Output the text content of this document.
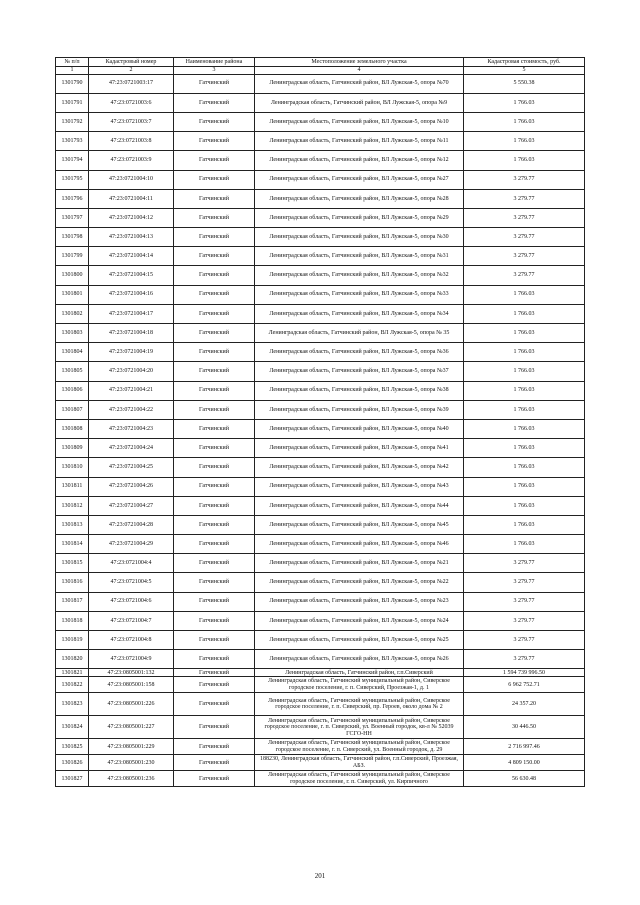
№ п/п	Кадастровый номер	Наименование района	Местоположение земельного участка	Кадастровая стоимость, руб.
1	2	3	4	5
1301790	47:23:0721003:17	Гатчинский	Ленинградская область, Гатчинский район, ВЛ Лужская-5, опора №70	5 550.38
1301791	47:23:0721003:6	Гатчинский	Ленинградская область, Гатчинский район, ВЛ Лужская-5, опора №9	1 766.03
1301792	47:23:0721003:7	Гатчинский	Ленинградская область, Гатчинский район, ВЛ Лужская-5, опора №10	1 766.03
1301793	47:23:0721003:8	Гатчинский	Ленинградская область, Гатчинский район, ВЛ Лужская-5, опора №11	1 766.03
1301794	47:23:0721003:9	Гатчинский	Ленинградская область, Гатчинский район, ВЛ Лужская-5, опора №12	1 766.03
1301795	47:23:0721004:10	Гатчинский	Ленинградская область, Гатчинский район, ВЛ Лужская-5, опора №27	3 279.77
1301796	47:23:0721004:11	Гатчинский	Ленинградская область, Гатчинский район, ВЛ Лужская-5, опора №28	3 279.77
1301797	47:23:0721004:12	Гатчинский	Ленинградская область, Гатчинский район, ВЛ Лужская-5, опора №29	3 279.77
1301798	47:23:0721004:13	Гатчинский	Ленинградская область, Гатчинский район, ВЛ Лужская-5, опора №30	3 279.77
1301799	47:23:0721004:14	Гатчинский	Ленинградская область, Гатчинский район, ВЛ Лужская-5, опора №31	3 279.77
1301800	47:23:0721004:15	Гатчинский	Ленинградская область, Гатчинский район, ВЛ Лужская-5, опора №32	3 279.77
1301801	47:23:0721004:16	Гатчинский	Ленинградская область, Гатчинский район, ВЛ Лужская-5, опора №33	1 766.03
1301802	47:23:0721004:17	Гатчинский	Ленинградская область, Гатчинский район, ВЛ Лужская-5, опора №34	1 766.03
1301803	47:23:0721004:18	Гатчинский	Ленинградская область, Гатчинский район, ВЛ Лужская-5, опора № 35	1 766.03
1301804	47:23:0721004:19	Гатчинский	Ленинградская область, Гатчинский район, ВЛ Лужская-5, опора №36	1 766.03
1301805	47:23:0721004:20	Гатчинский	Ленинградская область, Гатчинский район, ВЛ Лужская-5, опора №37	1 766.03
1301806	47:23:0721004:21	Гатчинский	Ленинградская область, Гатчинский район, ВЛ Лужская-5, опора №38	1 766.03
1301807	47:23:0721004:22	Гатчинский	Ленинградская область, Гатчинский район, ВЛ Лужская-5, опора №39	1 766.03
1301808	47:23:0721004:23	Гатчинский	Ленинградская область, Гатчинский район, ВЛ Лужская-5, опора №40	1 766.03
1301809	47:23:0721004:24	Гатчинский	Ленинградская область, Гатчинский район, ВЛ Лужская-5, опора №41	1 766.03
1301810	47:23:0721004:25	Гатчинский	Ленинградская область, Гатчинский район, ВЛ Лужская-5, опора №42	1 766.03
1301811	47:23:0721004:26	Гатчинский	Ленинградская область, Гатчинский район, ВЛ Лужская-5, опора №43	1 766.03
1301812	47:23:0721004:27	Гатчинский	Ленинградская область, Гатчинский район, ВЛ Лужская-5, опора №44	1 766.03
1301813	47:23:0721004:28	Гатчинский	Ленинградская область, Гатчинский район, ВЛ Лужская-5, опора №45	1 766.03
1301814	47:23:0721004:29	Гатчинский	Ленинградская область, Гатчинский район, ВЛ Лужская-5, опора №46	1 766.03
1301815	47:23:0721004:4	Гатчинский	Ленинградская область, Гатчинский район, ВЛ Лужская-5, опора №21	3 279.77
1301816	47:23:0721004:5	Гатчинский	Ленинградская область, Гатчинский район, ВЛ Лужская-5, опора №22	3 279.77
1301817	47:23:0721004:6	Гатчинский	Ленинградская область, Гатчинский район, ВЛ Лужская-5, опора №23	3 279.77
1301818	47:23:0721004:7	Гатчинский	Ленинградская область, Гатчинский район, ВЛ Лужская-5, опора №24	3 279.77
1301819	47:23:0721004:8	Гатчинский	Ленинградская область, Гатчинский район, ВЛ Лужская-5, опора №25	3 279.77
1301820	47:23:0721004:9	Гатчинский	Ленинградская область, Гатчинский район, ВЛ Лужская-5, опора №26	3 279.77
1301821	47:23:0805001:132	Гатчинский	Ленинградская область, Гатчинский район, г.п.Сиверский	1 594 739 996.50
1301822	47:23:0805001:158	Гатчинский	Ленинградская область, Гатчинский муниципальный район, Сиверское городское поселение, г. п. Сиверский, Проезжая-1, д. 1	6 962 752.71
1301823	47:23:0805001:226	Гатчинский	Ленинградская область, Гатчинский муниципальный район, Сиверское городское поселение, г. п. Сиверский, пр. Героев, около дома № 2	24 357.20
1301824	47:23:0805001:227	Гатчинский	Ленинградская область, Гатчинский муниципальный район, Сиверское городское поселение, г. п. Сиверский, ул. Военный городок, кв-л № 52039 ГСГО-НН	30 446.50
1301825	47:23:0805001:229	Гатчинский	Ленинградская область, Гатчинский муниципальный район, Сиверское городское поселение, г. п. Сиверский, ул. Военный городок, д. 29	2 716 997.46
1301826	47:23:0805001:230	Гатчинский	188230, Ленинградская область, Гатчинский район, г.п.Сиверский, Проезжая, АБЗ.	4 809 150.00
1301827	47:23:0805001:236	Гатчинский	Ленинградская область, Гатчинский муниципальный район, Сиверское городское поселение, г. п. Сиверский, ул. Кирпичного	56 630.48
201
